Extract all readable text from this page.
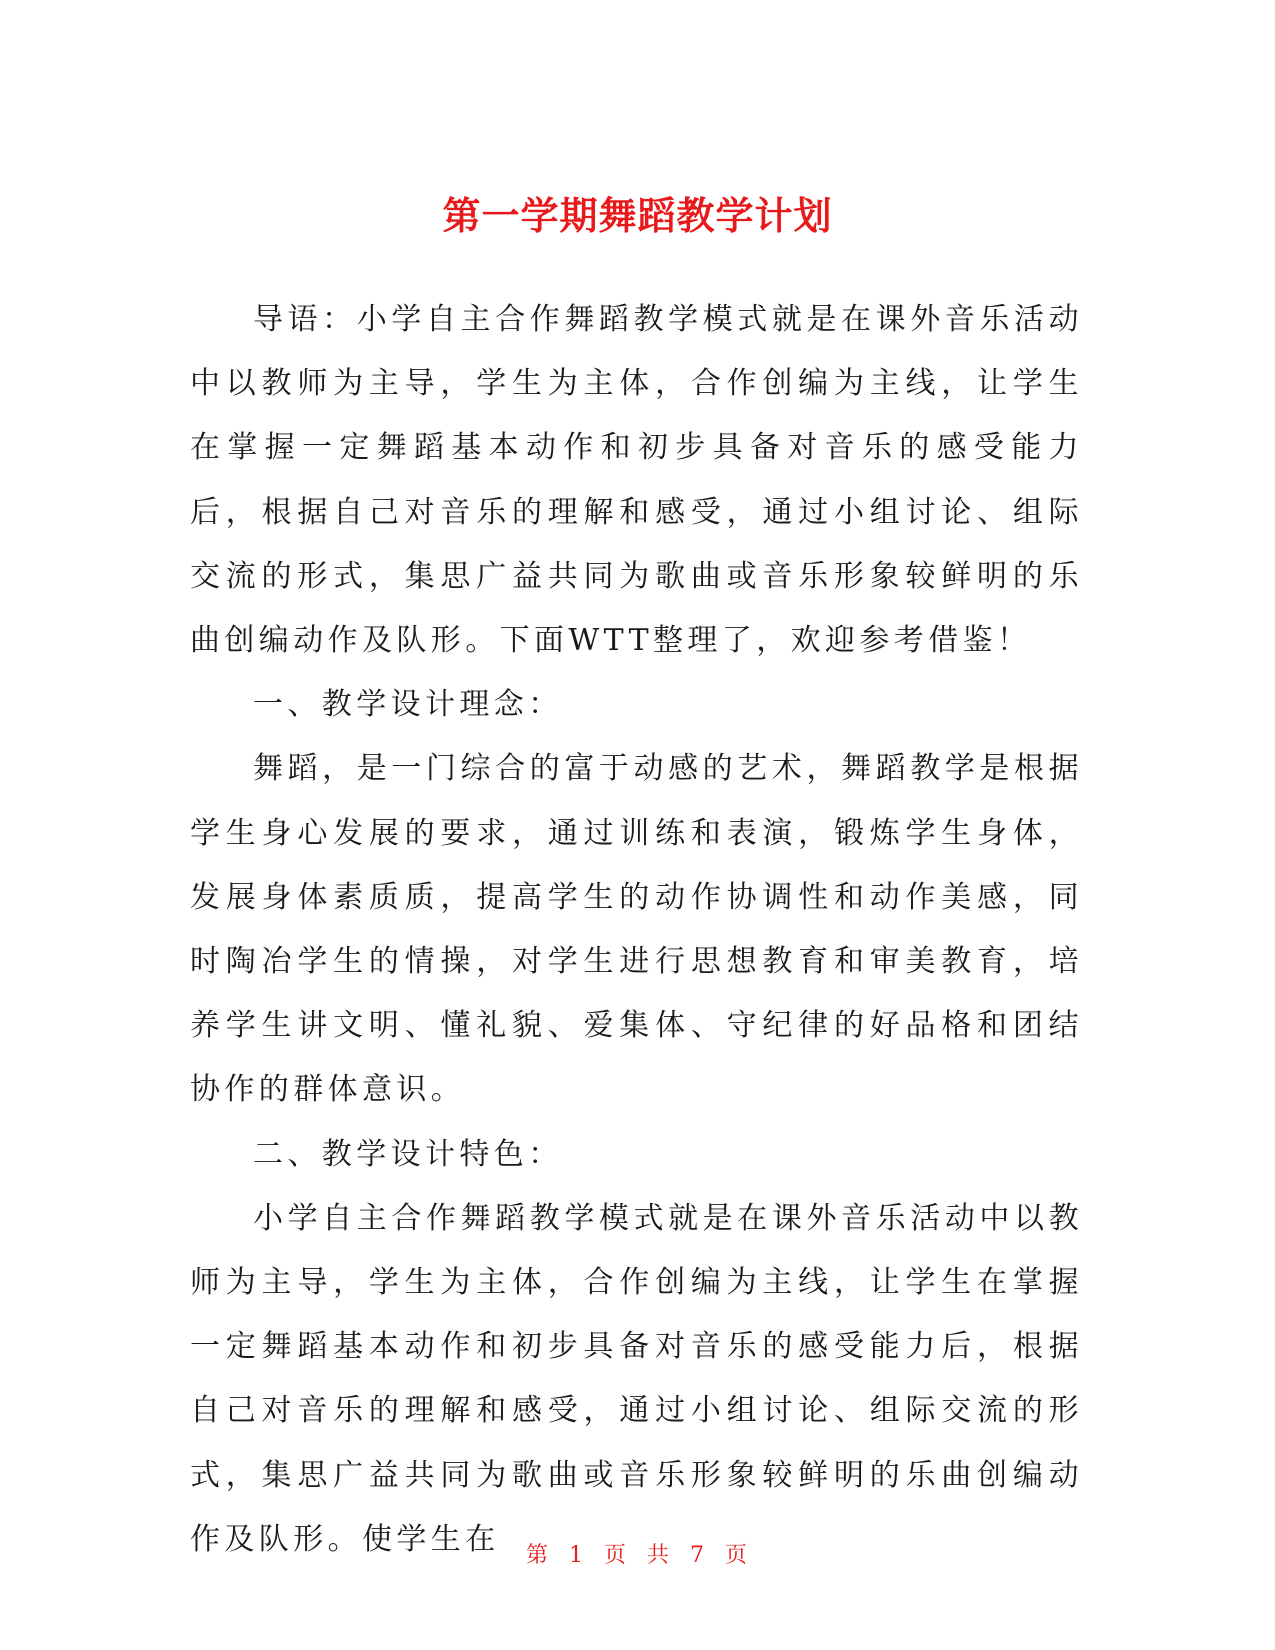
第一学期舞蹈教学计划

导语：小学自主合作舞蹈教学模式就是在课外音乐活动中以教师为主导，学生为主体，合作创编为主线，让学生在掌握一定舞蹈基本动作和初步具备对音乐的感受能力后，根据自己对音乐的理解和感受，通过小组讨论、组际交流的形式，集思广益共同为歌曲或音乐形象较鲜明的乐曲创编动作及队形。下面WTT整理了，欢迎参考借鉴！

一、教学设计理念：

舞蹈，是一门综合的富于动感的艺术，舞蹈教学是根据学生身心发展的要求，通过训练和表演，锻炼学生身体，发展身体素质质，提高学生的动作协调性和动作美感，同时陶冶学生的情操，对学生进行思想教育和审美教育，培养学生讲文明、懂礼貌、爱集体、守纪律的好品格和团结协作的群体意识。

二、教学设计特色：

小学自主合作舞蹈教学模式就是在课外音乐活动中以教师为主导，学生为主体，合作创编为主线，让学生在掌握一定舞蹈基本动作和初步具备对音乐的感受能力后，根据自己对音乐的理解和感受，通过小组讨论、组际交流的形式，集思广益共同为歌曲或音乐形象较鲜明的乐曲创编动作及队形。使学生在	第 1 页 共 7 页
